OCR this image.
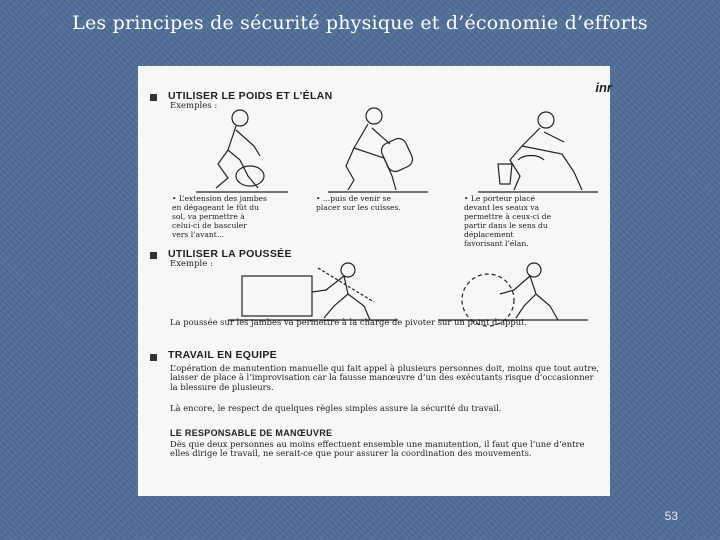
Les principes de sécurité physique et d’économie d’efforts
inr
UTILISER LE POIDS ET L’ÉLAN
Exemples :
• L’extension des jambes
en dégageant le fût du
sol, va permettre à
celui-ci de basculer
vers l’avant...
• ...puis de venir se
placer sur les cuisses.
• Le porteur placé
devant les seaux va
permettre à ceux-ci de
partir dans le sens du
déplacement
favorisant l’élan.
UTILISER LA POUSSÉE
Exemple :
La poussée sur les jambes va permettre à la charge de pivoter sur un point d’appui.
TRAVAIL EN EQUIPE
L’opération de manutention manuelle qui fait appel à plusieurs personnes doit, moins que tout autre, laisser de place à l’improvisation car la fausse manœuvre d’un des exécutants risque d’occasionner la blessure de plusieurs.
Là encore, le respect de quelques règles simples assure la sécurité du travail.
LE RESPONSABLE DE MANŒUVRE
Dès que deux personnes au moins effectuent ensemble une manutention, il faut que l’une d’entre elles dirige le travail, ne serait-ce que pour assurer la coordination des mouvements.
53
